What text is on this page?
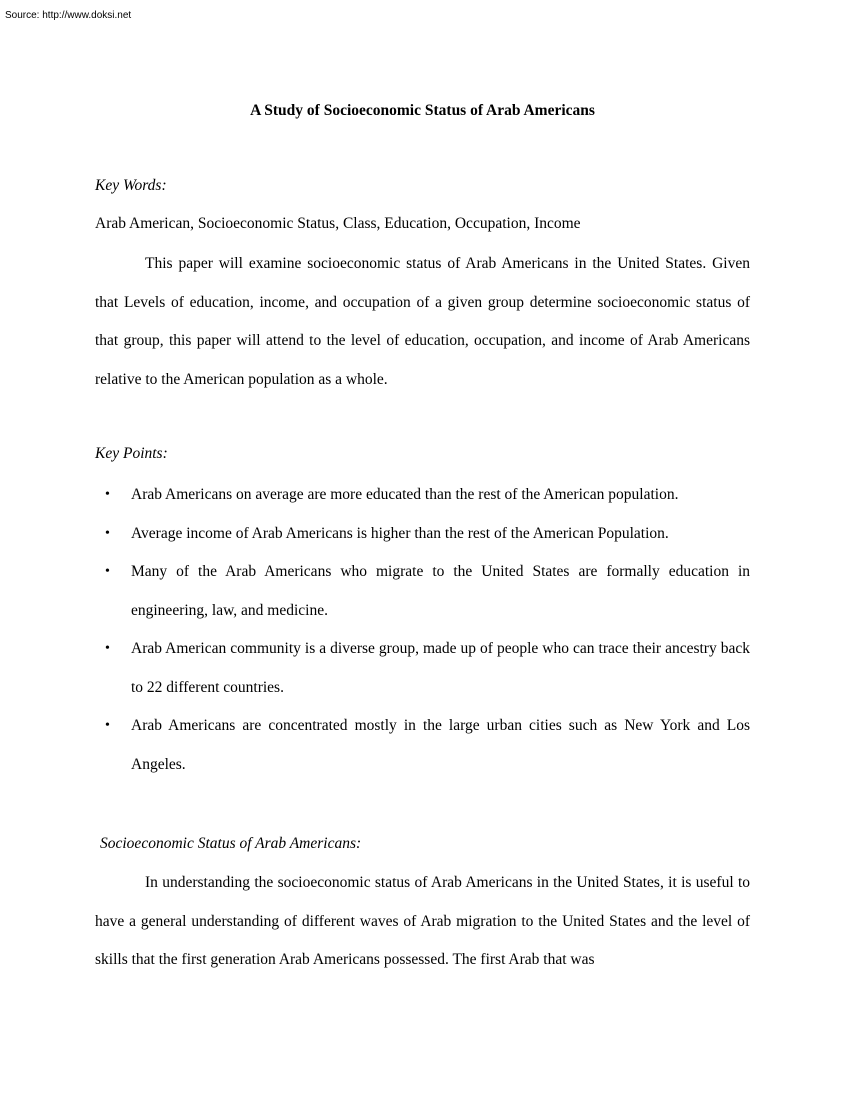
Source: http://www.doksi.net
A Study of Socioeconomic Status of Arab Americans
Key Words:
Arab American, Socioeconomic Status, Class, Education, Occupation, Income

This paper will examine socioeconomic status of Arab Americans in the United States. Given that Levels of education, income, and occupation of a given group determine socioeconomic status of that group, this paper will attend to the level of education, occupation, and income of Arab Americans relative to the American population as a whole.

Key Points:
• Arab Americans on average are more educated than the rest of the American population.
• Average income of Arab Americans is higher than the rest of the American Population.
• Many of the Arab Americans who migrate to the United States are formally education in engineering, law, and medicine.
• Arab American community is a diverse group, made up of people who can trace their ancestry back to 22 different countries.
• Arab Americans are concentrated mostly in the large urban cities such as New York and Los Angeles.
Socioeconomic Status of Arab Americans:

In understanding the socioeconomic status of Arab Americans in the United States, it is useful to have a general understanding of different waves of Arab migration to the United States and the level of skills that the first generation Arab Americans possessed. The first Arab that was
